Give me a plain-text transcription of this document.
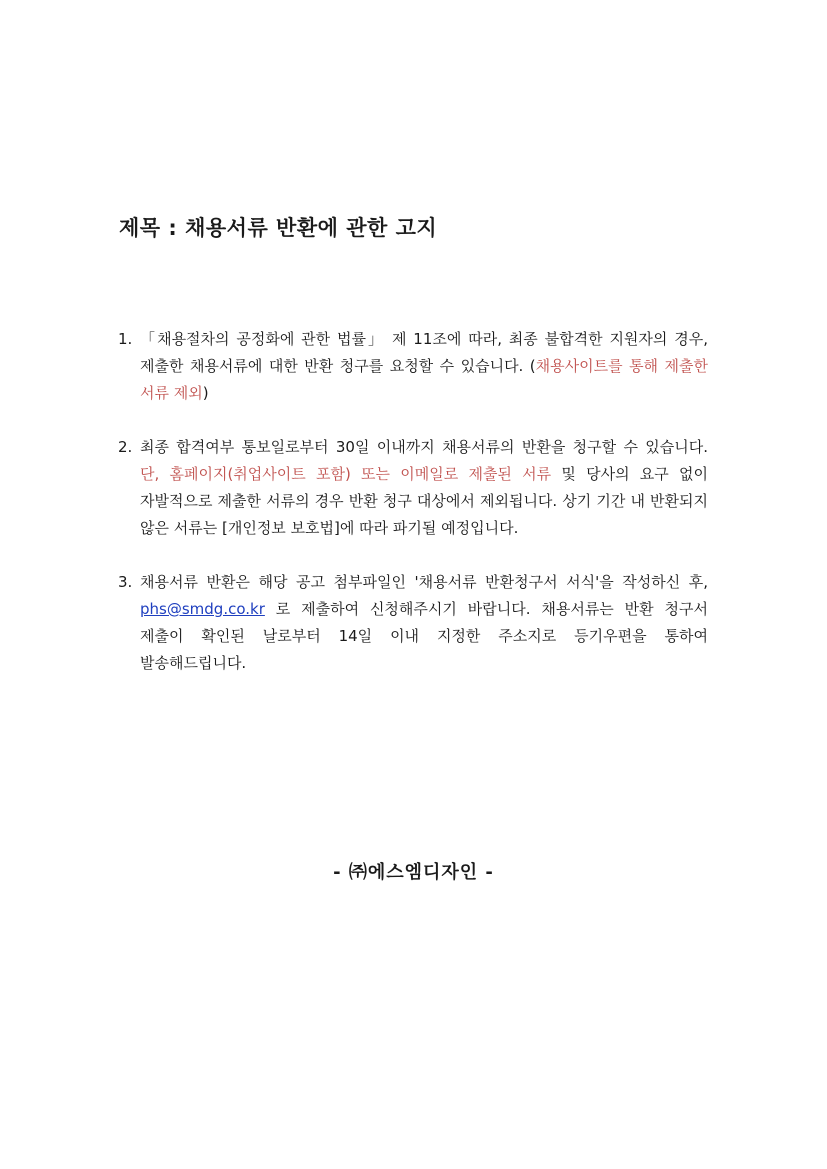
제목 : 채용서류 반환에 관한 고지
1. 「채용절차의 공정화에 관한 법률」 제 11조에 따라, 최종 불합격한 지원자의 경우, 제출한 채용서류에 대한 반환 청구를 요청할 수 있습니다. (채용사이트를 통해 제출한 서류 제외)
2. 최종 합격여부 통보일로부터 30일 이내까지 채용서류의 반환을 청구할 수 있습니다. 단, 홈페이지(취업사이트 포함) 또는 이메일로 제출된 서류 및 당사의 요구 없이 자발적으로 제출한 서류의 경우 반환 청구 대상에서 제외됩니다. 상기 기간 내 반환되지 않은 서류는 [개인정보 보호법]에 따라 파기될 예정입니다.
3. 채용서류 반환은 해당 공고 첨부파일인 '채용서류 반환청구서 서식'을 작성하신 후, phs@smdg.co.kr 로 제출하여 신청해주시기 바랍니다. 채용서류는 반환 청구서 제출이 확인된 날로부터 14일 이내 지정한 주소지로 등기우편을 통하여 발송해드립니다.

- ㈜에스엠디자인 -
